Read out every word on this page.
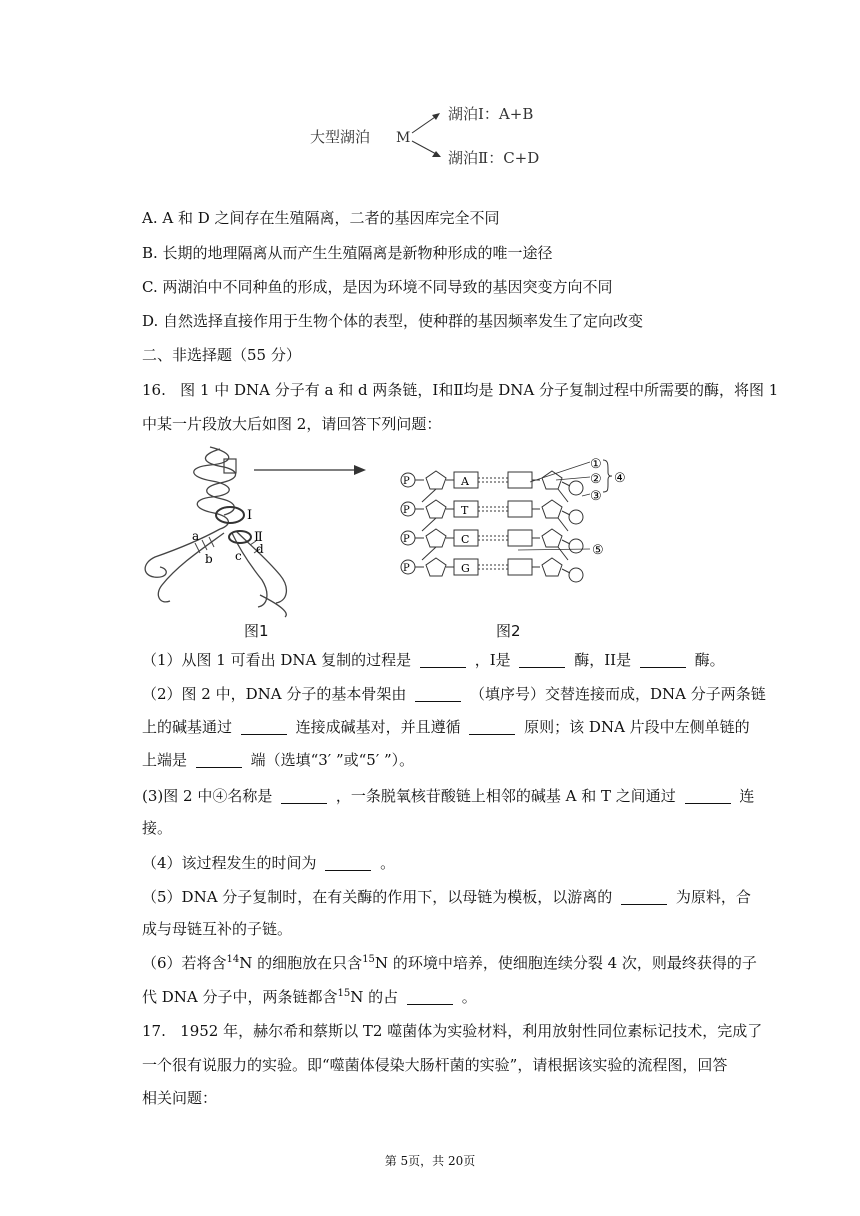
大型湖泊 M
湖泊Ⅰ：A+B
湖泊Ⅱ：C+D
A. A 和 D 之间存在生殖隔离，二者的基因库完全不同
B. 长期的地理隔离从而产生生殖隔离是新物种形成的唯一途径
C. 两湖泊中不同种鱼的形成，是因为环境不同导致的基因突变方向不同
D. 自然选择直接作用于生物个体的表型，使种群的基因频率发生了定向改变
二、非选择题（55 分）
16. 图 1 中 DNA 分子有 a 和 d 两条链，Ⅰ和Ⅱ均是 DNA 分子复制过程中所需要的酶，将图 1
中某一片段放大后如图 2，请回答下列问题：
Ⅰ
Ⅱ
a
b c d
P	A
P	T
P	C
P	G
①
②
③
④
⑤
图1	图2
（1）从图 1 可看出 DNA 复制的过程是	，I是	酶，II是	酶。
（2）图 2 中，DNA 分子的基本骨架由	（填序号）交替连接而成，DNA 分子两条链
上的碱基通过	连接成碱基对，并且遵循	原则；该 DNA 片段中左侧单链的
上端是	端（选填“3′ ”或“5′ ”）。
(3)图 2 中④名称是	，一条脱氧核苷酸链上相邻的碱基 A 和 T 之间通过	连
接。
（4）该过程发生的时间为	。
（5）DNA 分子复制时，在有关酶的作用下，以母链为模板，以游离的	为原料，合
成与母链互补的子链。
（6）若将含$^{14}$N 的细胞放在只含$^{15}$N 的环境中培养，使细胞连续分裂 4 次，则最终获得的子
代 DNA 分子中，两条链都含$^{15}$N 的占	。
17. 1952 年，赫尔希和蔡斯以 T2 噬菌体为实验材料，利用放射性同位素标记技术，完成了
一个很有说服力的实验。即“噬菌体侵染大肠杆菌的实验”，请根据该实验的流程图，回答
相关问题：
第 5页，共 20页
